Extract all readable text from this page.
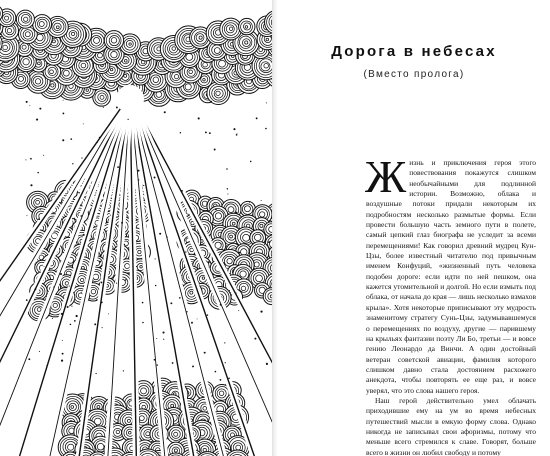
Дорога в небесах
(Вместо пролога)

Жизнь и приключения героя этого повествования покажутся слишком необычайными для подлинной истории. Возможно, облака и воздушные потоки придали некоторым их подробностям несколько размытые формы. Если провести большую часть земного пути в полете, самый цепкий глаз биографа не уследит за всеми перемещениями! Как говорил древний мудрец Кун-Цзы, более известный читателю под привычным именем Конфуций, «жизненный путь человека подобен дороге: если идти по ней пешком, она кажется утомительной и долгой. Но если взмыть под облака, от начала до края — лишь несколько взмахов крыла». Хотя некоторые приписывают эту мудрость знаменитому стратегу Сунь-Цзы, задумывавшемуся о перемещениях по воздуху, другие — парившему на крыльях фантазии поэту Ли Бо, третьи — и вовсе гению Леонардо да Винчи. А один достойный ветеран советской авиации, фамилия которого слишком давно стала достоянием расхожего анекдота, чтобы повторять ее еще раз, и вовсе уверял, что это слова нашего героя.

Наш герой действительно умел облачать приходившие ему на ум во время небесных путешествий мысли в емкую форму слова. Однако никогда не записывал свои афоризмы, потому что меньше всего стремился к славе. Говорят, больше всего в жизни он любил свободу и потому
